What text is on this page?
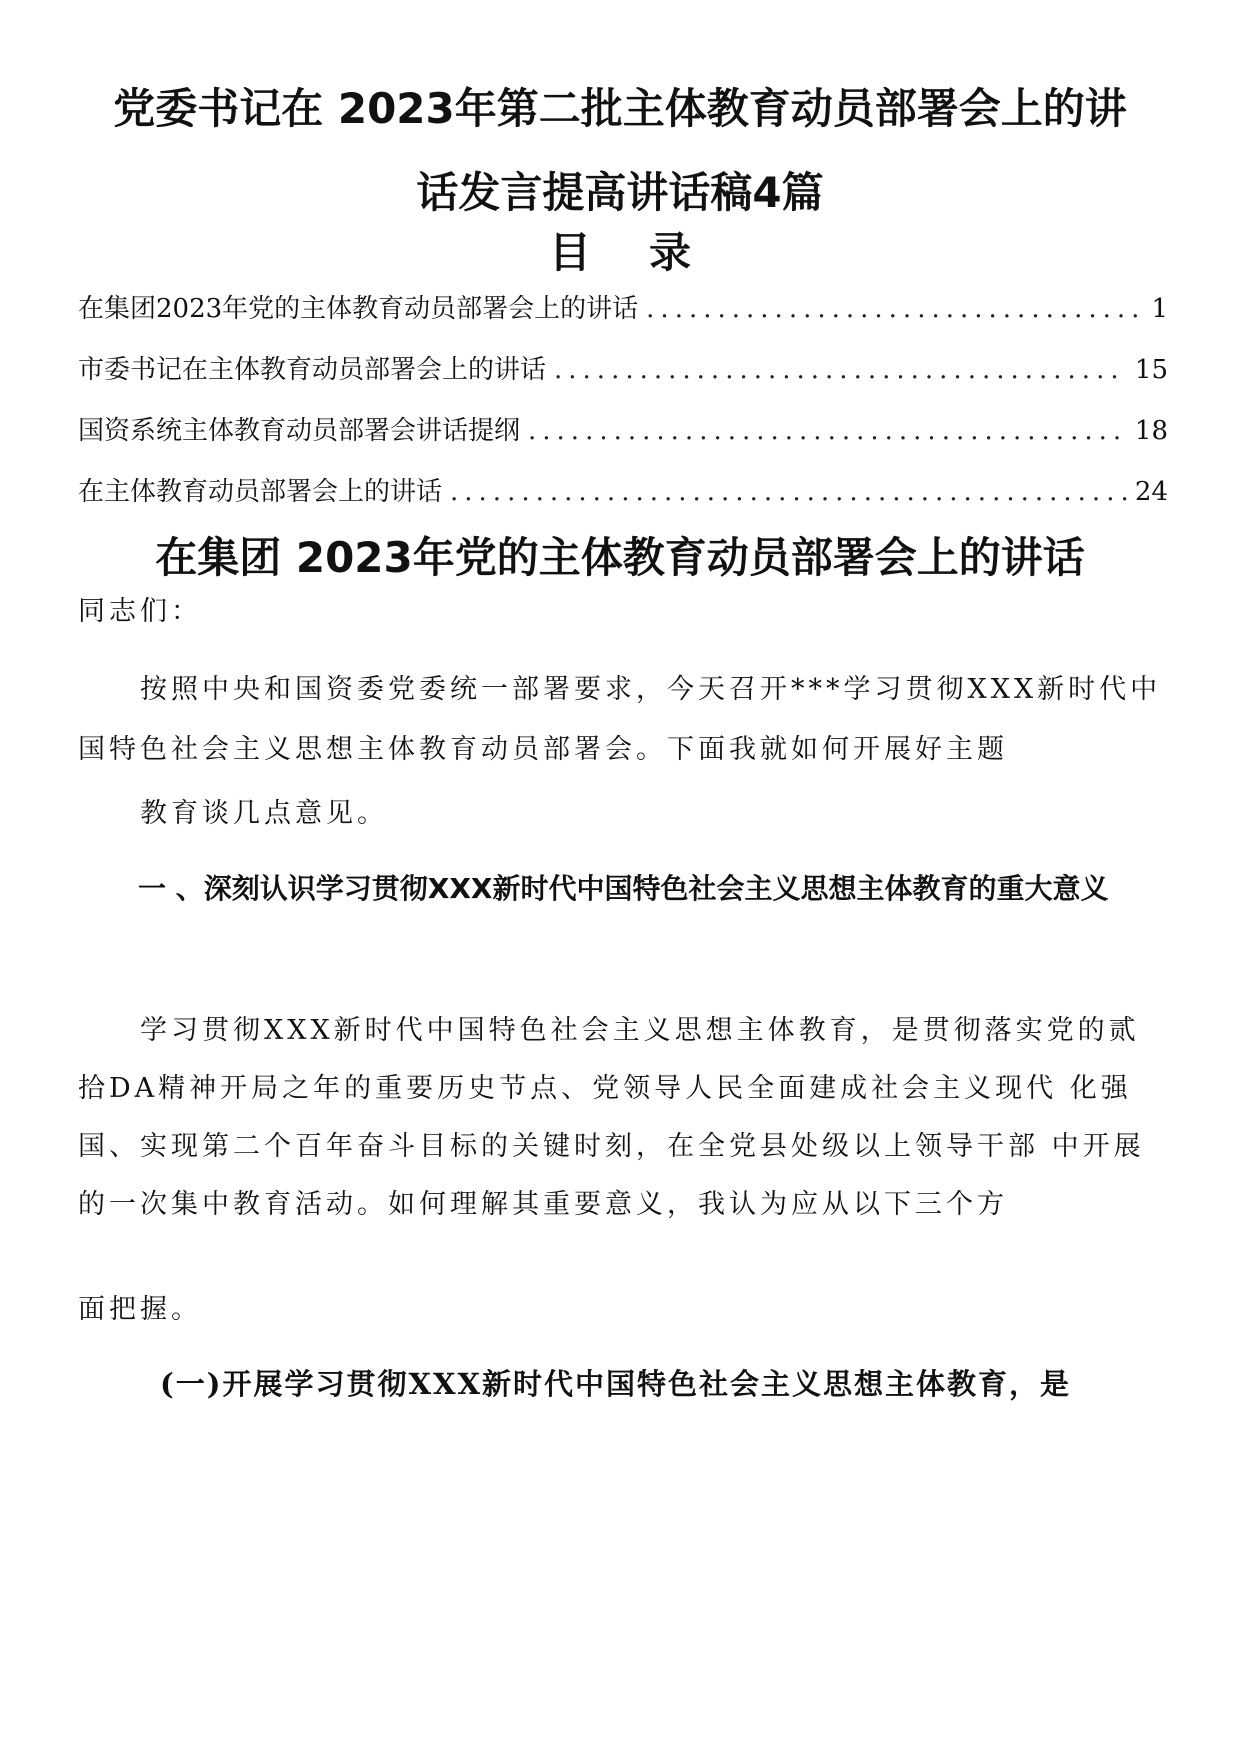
党委书记在 2023年第二批主体教育动员部署会上的讲
话发言提高讲话稿4篇
目录
在集团2023年党的主体教育动员部署会上的讲话 .....	1
市委书记在主体教育动员部署会上的讲话 .....	15
国资系统主体教育动员部署会讲话提纲 .....	18
在主体教育动员部署会上的讲话 .....	24
在集团 2023年党的主体教育动员部署会上的讲话

同志们：

按照中央和国资委党委统一部署要求，今天召开***学习贯彻XXX新时代中国特色社会主义思想主体教育动员部署会。下面我就如何开展好主题
教育谈几点意见。

一 、深刻认识学习贯彻XXX新时代中国特色社会主义思想主体教育的重大意义

学习贯彻XXX新时代中国特色社会主义思想主体教育，是贯彻落实党的贰拾DA精神开局之年的重要历史节点、党领导人民全面建成社会主义现代 化强国、实现第二个百年奋斗目标的关键时刻，在全党县处级以上领导干部 中开展的一次集中教育活动。如何理解其重要意义，我认为应从以下三个方

面把握。

(一)开展学习贯彻XXX新时代中国特色社会主义思想主体教育，是
